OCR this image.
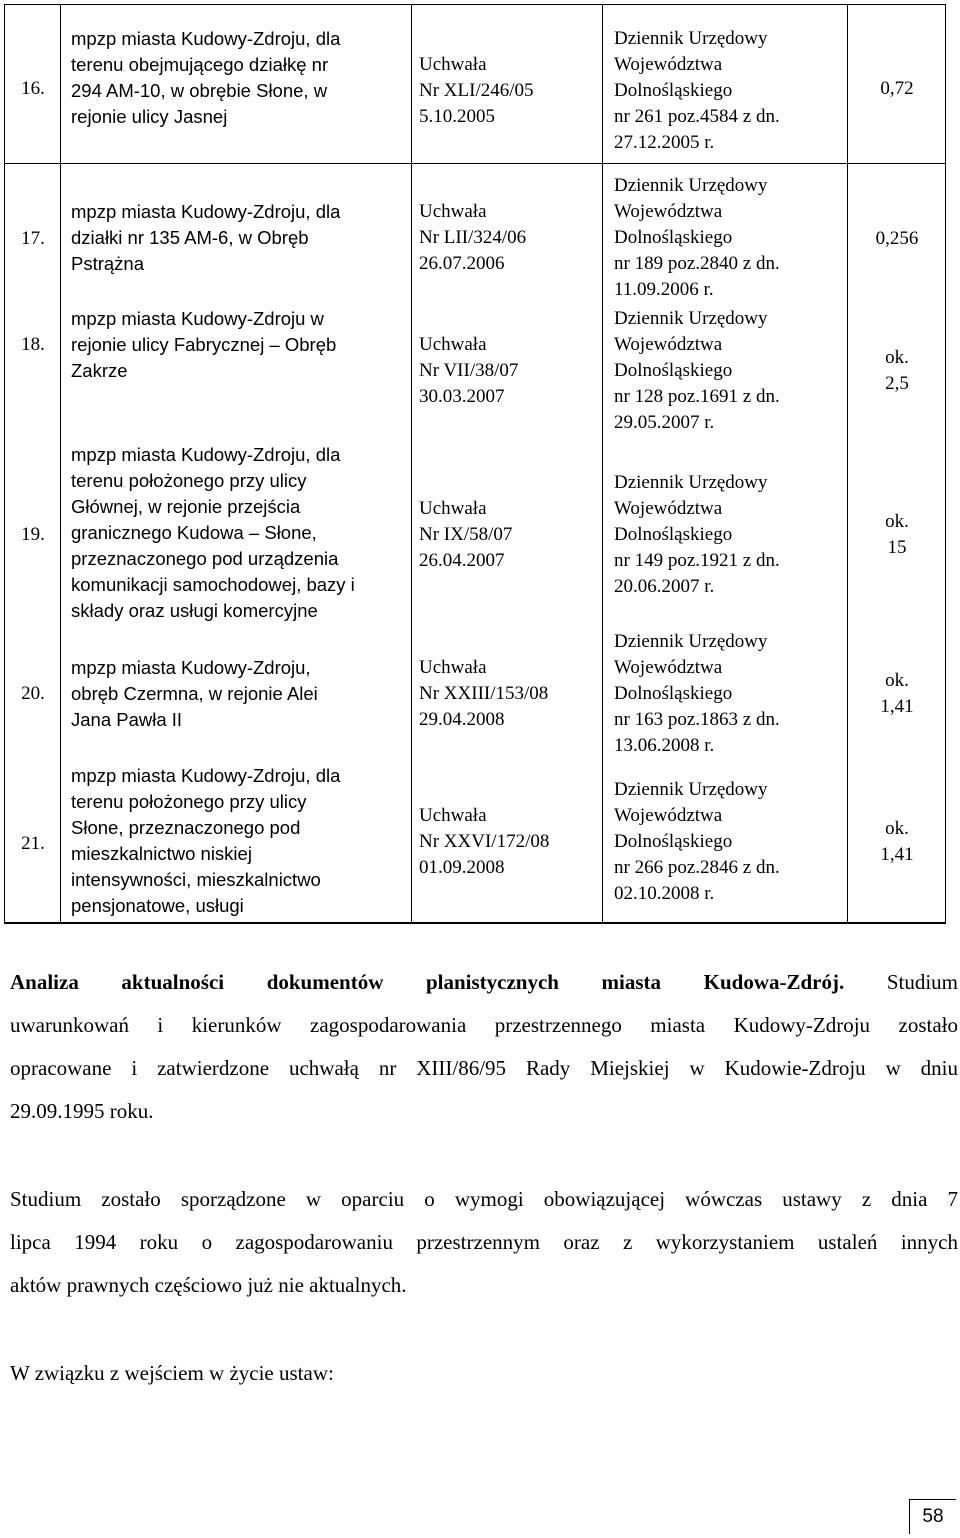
16.
mpzp miasta Kudowy-Zdroju, dla
terenu obejmującego działkę nr
294 AM-10, w obrębie Słone, w
rejonie ulicy Jasnej
Uchwała
Nr XLI/246/05
5.10.2005
Dziennik Urzędowy
Województwa
Dolnośląskiego
nr 261 poz.4584 z dn.
27.12.2005 r.
0,72
17.
mpzp miasta Kudowy-Zdroju, dla
działki nr 135 AM-6, w Obręb
Pstrążna
Uchwała
Nr LII/324/06
26.07.2006
Dziennik Urzędowy
Województwa
Dolnośląskiego
nr 189 poz.2840 z dn.
11.09.2006 r.
0,256
18.
mpzp miasta Kudowy-Zdroju w
rejonie ulicy Fabrycznej – Obręb
Zakrze
Uchwała
Nr VII/38/07
30.03.2007
Dziennik Urzędowy
Województwa
Dolnośląskiego
nr 128 poz.1691 z dn.
29.05.2007 r.
ok.
2,5
19.
mpzp miasta Kudowy-Zdroju, dla
terenu położonego przy ulicy
Głównej, w rejonie przejścia
granicznego Kudowa – Słone,
przeznaczonego pod urządzenia
komunikacji samochodowej, bazy i
składy oraz usługi komercyjne
Uchwała
Nr IX/58/07
26.04.2007
Dziennik Urzędowy
Województwa
Dolnośląskiego
nr 149 poz.1921 z dn.
20.06.2007 r.
ok.
15
20.
mpzp miasta Kudowy-Zdroju,
obręb Czermna, w rejonie Alei
Jana Pawła II
Uchwała
Nr XXIII/153/08
29.04.2008
Dziennik Urzędowy
Województwa
Dolnośląskiego
nr 163 poz.1863 z dn.
13.06.2008 r.
ok.
1,41
21.
mpzp miasta Kudowy-Zdroju, dla
terenu położonego przy ulicy
Słone, przeznaczonego pod
mieszkalnictwo niskiej
intensywności, mieszkalnictwo
pensjonatowe, usługi
Uchwała
Nr XXVI/172/08
01.09.2008
Dziennik Urzędowy
Województwa
Dolnośląskiego
nr 266 poz.2846 z dn.
02.10.2008 r.
ok.
1,41
Analiza aktualności dokumentów planistycznych miasta Kudowa-Zdrój. Studium
uwarunkowań i kierunków zagospodarowania przestrzennego miasta Kudowy-Zdroju zostało
opracowane i zatwierdzone uchwałą nr XIII/86/95 Rady Miejskiej w Kudowie-Zdroju w dniu
29.09.1995 roku.
Studium zostało sporządzone w oparciu o wymogi obowiązującej wówczas ustawy z dnia 7
lipca 1994 roku o zagospodarowaniu przestrzennym oraz z wykorzystaniem ustaleń innych
aktów prawnych częściowo już nie aktualnych.
W związku z wejściem w życie ustaw:
58
